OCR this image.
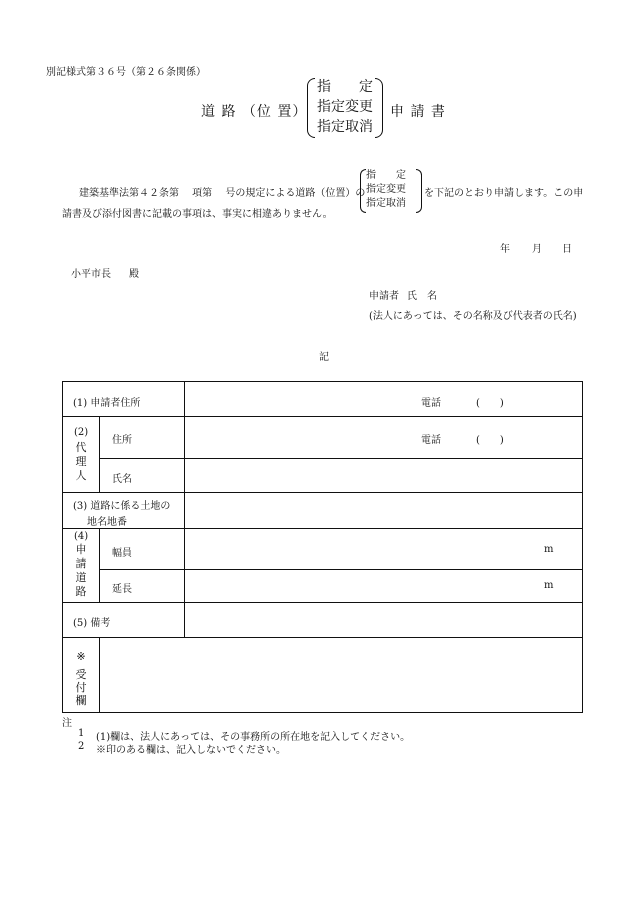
別記様式第３６号（第２６条関係）
道 路 （位 置）
指　　定
指定変更
指定取消
申 請 書
建築基準法第４２条第　 項第　 号の規定による道路（位置）の
指　　定
指定変更
指定取消
を下記のとおり申請します。この申
請書及び添付図書に記載の事項は、事実に相違ありません。
年 月 日
小平市長 殿
申請者 氏　名
(法人にあっては、その名称及び代表者の氏名)
記
(1) 申請者住所	電話	(　　)
(2)
代
理
人
住所	電話	(　　)
氏名
(3) 道路に係る土地の
地名地番
(4)
申
請
道
路
幅員	m
延長	m
(5) 備考
※
受
付
欄
注
1 (1)欄は、法人にあっては、その事務所の所在地を記入してください。
2 ※印のある欄は、記入しないでください。
